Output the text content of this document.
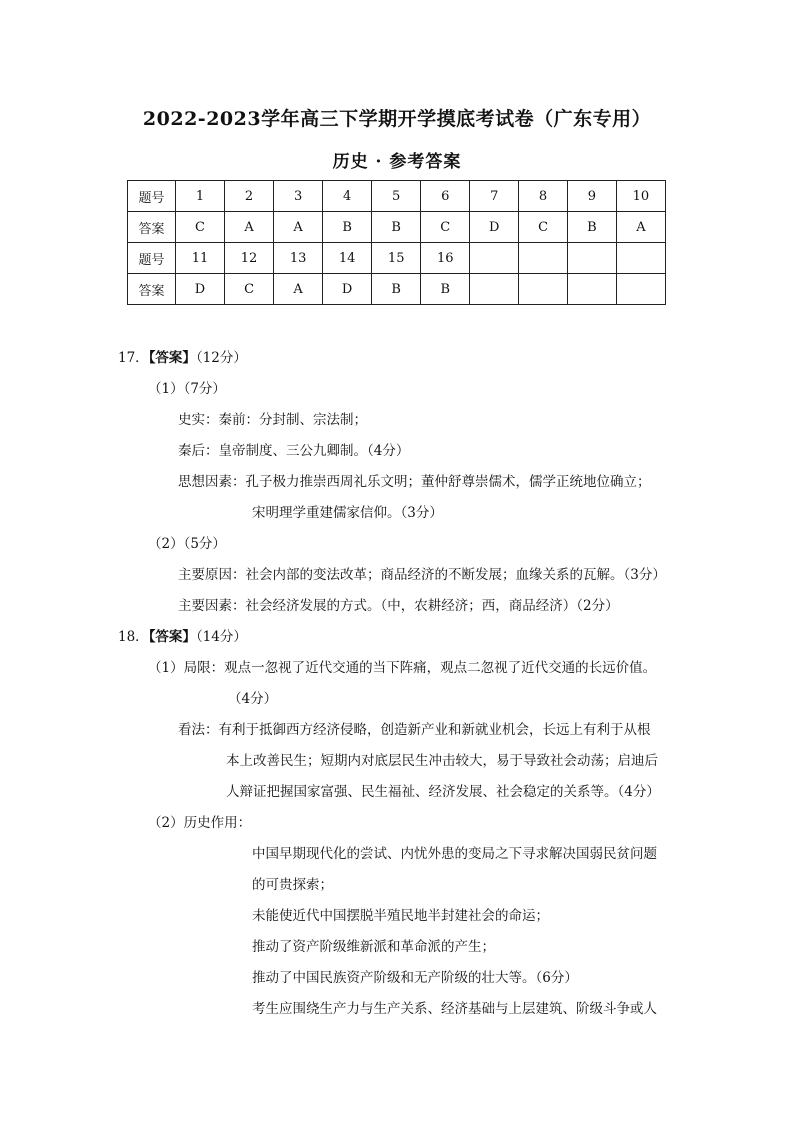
2022-2023学年高三下学期开学摸底考试卷（广东专用）
历史 · 参考答案
题号	1	2	3	4	5	6	7	8	9	10
答案	C	A	A	B	B	C	D	C	B	A
题号	11	12	13	14	15	16				
答案	D	C	A	D	B	B				
17．【答案】（12分）
（1）（7分）
史实：秦前：分封制、宗法制；
秦后：皇帝制度、三公九卿制。（4分）
思想因素：孔子极力推崇西周礼乐文明；董仲舒尊崇儒术，儒学正统地位确立；
宋明理学重建儒家信仰。（3分）
（2）（5分）
主要原因：社会内部的变法改革；商品经济的不断发展；血缘关系的瓦解。（3分）
主要因素：社会经济发展的方式。（中，农耕经济；西，商品经济）（2分）
18．【答案】（14分）
（1）局限：观点一忽视了近代交通的当下阵痛，观点二忽视了近代交通的长远价值。
（4分）
看法：有利于抵御西方经济侵略，创造新产业和新就业机会，长远上有利于从根
本上改善民生；短期内对底层民生冲击较大，易于导致社会动荡；启迪后
人辩证把握国家富强、民生福祉、经济发展、社会稳定的关系等。（4分）
（2）历史作用：
中国早期现代化的尝试、内忧外患的变局之下寻求解决国弱民贫问题
的可贵探索；
未能使近代中国摆脱半殖民地半封建社会的命运；
推动了资产阶级维新派和革命派的产生；
推动了中国民族资产阶级和无产阶级的壮大等。（6分）
考生应围绕生产力与生产关系、经济基础与上层建筑、阶级斗争或人
